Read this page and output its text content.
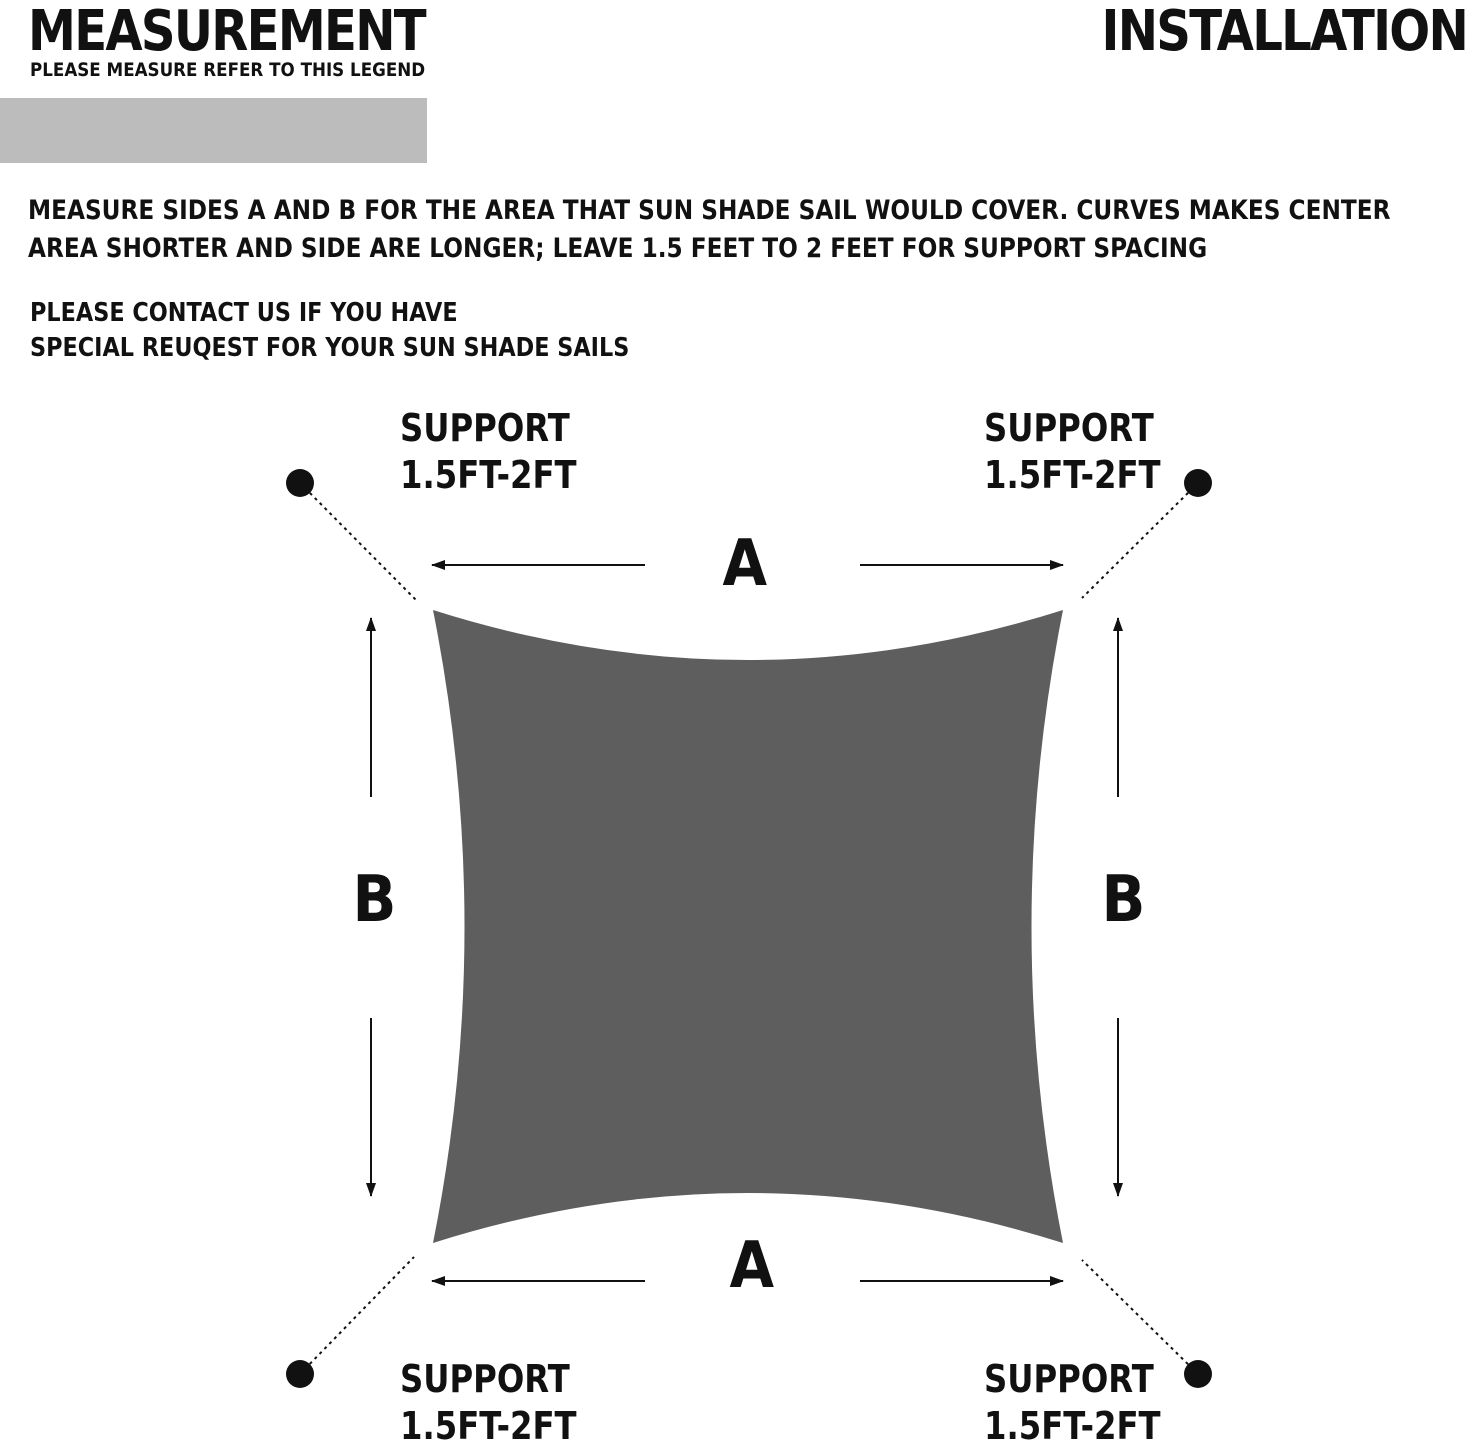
MEASUREMENT
PLEASE MEASURE REFER TO THIS LEGEND
INSTALLATION

MEASURE SIDES A AND B FOR THE AREA THAT SUN SHADE SAIL WOULD COVER. CURVES MAKES CENTER
AREA SHORTER AND SIDE ARE LONGER; LEAVE 1.5 FEET TO 2 FEET FOR SUPPORT SPACING

PLEASE CONTACT US IF YOU HAVE
SPECIAL REUQEST FOR YOUR SUN SHADE SAILS

SUPPORT
1.5FT-2FT
SUPPORT
1.5FT-2FT
SUPPORT
1.5FT-2FT
SUPPORT
1.5FT-2FT
A
A
B	B
